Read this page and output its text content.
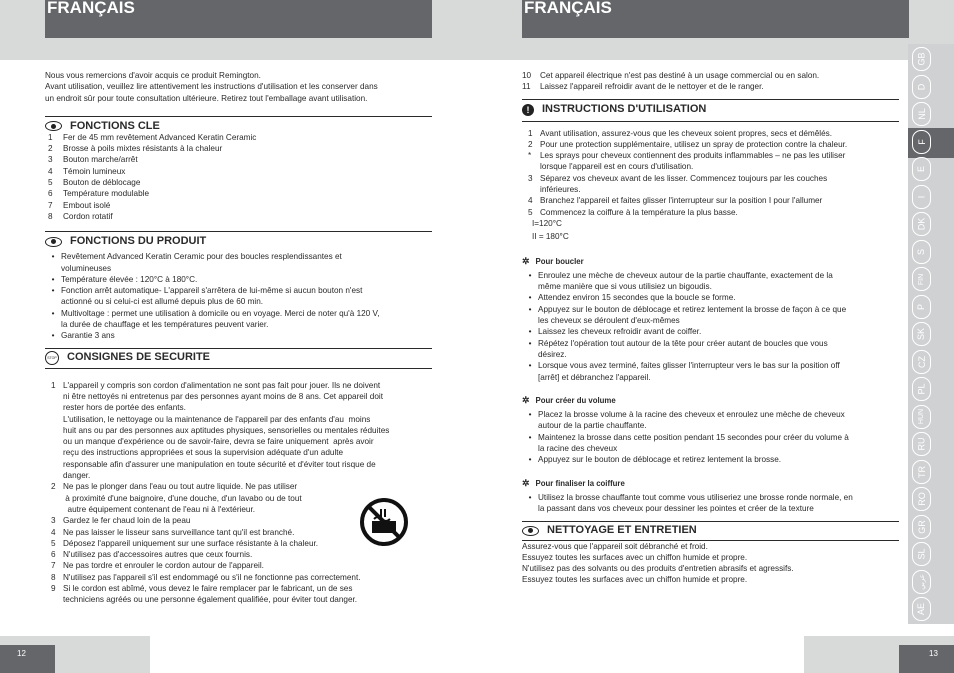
FRANÇAIS	FRANÇAIS
Nous vous remercions d'avoir acquis ce produit Remington.
Avant utilisation, veuillez lire attentivement les instructions d'utilisation et les conserver dans
un endroit sûr pour toute consultation ultérieure. Retirez tout l'emballage avant utilisation.
FONCTIONS CLE
1	Fer de 45 mm revêtement Advanced Keratin Ceramic
2	Brosse à poils mixtes résistants à la chaleur
3	Bouton marche/arrêt
4	Témoin lumineux
5	Bouton de déblocage
6	Température modulable
7	Embout isolé
8	Cordon rotatif
FONCTIONS DU PRODUIT
• Revêtement Advanced Keratin Ceramic pour des boucles resplendissantes et
volumineuses
• Température élevée : 120°C à 180°C.
• Fonction arrêt automatique- L'appareil s'arrêtera de lui-même si aucun bouton n'est
actionné ou si celui-ci est allumé depuis plus de 60 min.
• Multivoltage : permet une utilisation à domicile ou en voyage. Merci de noter qu'à 120 V,
la durée de chauffage et les températures peuvent varier.
• Garantie 3 ans
STOP CONSIGNES DE SECURITE
1 L'appareil y compris son cordon d'alimentation ne sont pas fait pour jouer. Ils ne doivent
ni être nettoyés ni entretenus par des personnes ayant moins de 8 ans. Cet appareil doit
rester hors de portée des enfants.
L'utilisation, le nettoyage ou la maintenance de l'appareil par des enfants d'au  moins
huit ans ou par des personnes aux aptitudes physiques, sensorielles ou mentales réduites
ou un manque d'expérience ou de savoir-faire, devra se faire uniquement  après avoir
reçu des instructions appropriées et sous la supervision adéquate d'un adulte
responsable afin d'assurer une manipulation en toute sécurité et d'éviter tout risque de
danger.
2 Ne pas le plonger dans l'eau ou tout autre liquide. Ne pas utiliser
à proximité d'une baignoire, d'une douche, d'un lavabo ou de tout
autre équipement contenant de l'eau ni à l'extérieur.
3 Gardez le fer chaud loin de la peau
4 Ne pas laisser le lisseur sans surveillance tant qu'il est branché.
5 Déposez l'appareil uniquement sur une surface résistante à la chaleur.
6 N'utilisez pas d'accessoires autres que ceux fournis.
7 Ne pas tordre et enrouler le cordon autour de l'appareil.
8 N'utilisez pas l'appareil s'il est endommagé ou s'il ne fonctionne pas correctement.
9 Si le cordon est abîmé, vous devez le faire remplacer par le fabricant, un de ses
techniciens agréés ou une personne également qualifiée, pour éviter tout danger.
10	Cet appareil électrique n'est pas destiné à un usage commercial ou en salon.
11	Laissez l'appareil refroidir avant de le nettoyer et de le ranger.
!	INSTRUCTIONS D'UTILISATION
1 Avant utilisation, assurez-vous que les cheveux soient propres, secs et démêlés.
2 Pour une protection supplémentaire, utilisez un spray de protection contre la chaleur.
*	Les sprays pour cheveux contiennent des produits inflammables – ne pas les utiliser
lorsque l'appareil est en cours d'utilisation.
3 Séparez vos cheveux avant de les lisser. Commencez toujours par les couches
inférieures.
4 Branchez l'appareil et faites glisser l'interrupteur sur la position I pour l'allumer
5 Commencez la coiffure à la température la plus basse.
I=120°C
II = 180°C
✲ Pour boucler
• Enroulez une mèche de cheveux autour de la partie chauffante, exactement de la
même manière que si vous utilisiez un bigoudis.
• Attendez environ 15 secondes que la boucle se forme.
• Appuyez sur le bouton de déblocage et retirez lentement la brosse de façon à ce que
les cheveux se déroulent d'eux-mêmes
• Laissez les cheveux refroidir avant de coiffer.
• Répétez l'opération tout autour de la tête pour créer autant de boucles que vous
désirez.
• Lorsque vous avez terminé, faites glisser l'interrupteur vers le bas sur la position off
[arrêt] et débranchez l'appareil.
✲ Pour créer du volume
• Placez la brosse volume à la racine des cheveux et enroulez une mèche de cheveux
autour de la partie chauffante.
• Maintenez la brosse dans cette position pendant 15 secondes pour créer du volume à
la racine des cheveux
• Appuyez sur le bouton de déblocage et retirez lentement la brosse.
✲ Pour finaliser la coiffure
• Utilisez la brosse chauffante tout comme vous utiliseriez une brosse ronde normale, en
la passant dans vos cheveux pour dessiner les pointes et créer de la texture
NETTOYAGE ET ENTRETIEN
Assurez-vous que l'appareil soit débranché et froid.
Essuyez toutes les surfaces avec un chiffon humide et propre.
N'utilisez pas des solvants ou des produits d'entretien abrasifs et agressifs.
Essuyez toutes les surfaces avec un chiffon humide et propre.
GB
D
NL
F
E
I
DK
S
FIN
P
SK
CZ
PL
HUN
RU
TR
RO
GR
SL
عربي
AE
12	13
